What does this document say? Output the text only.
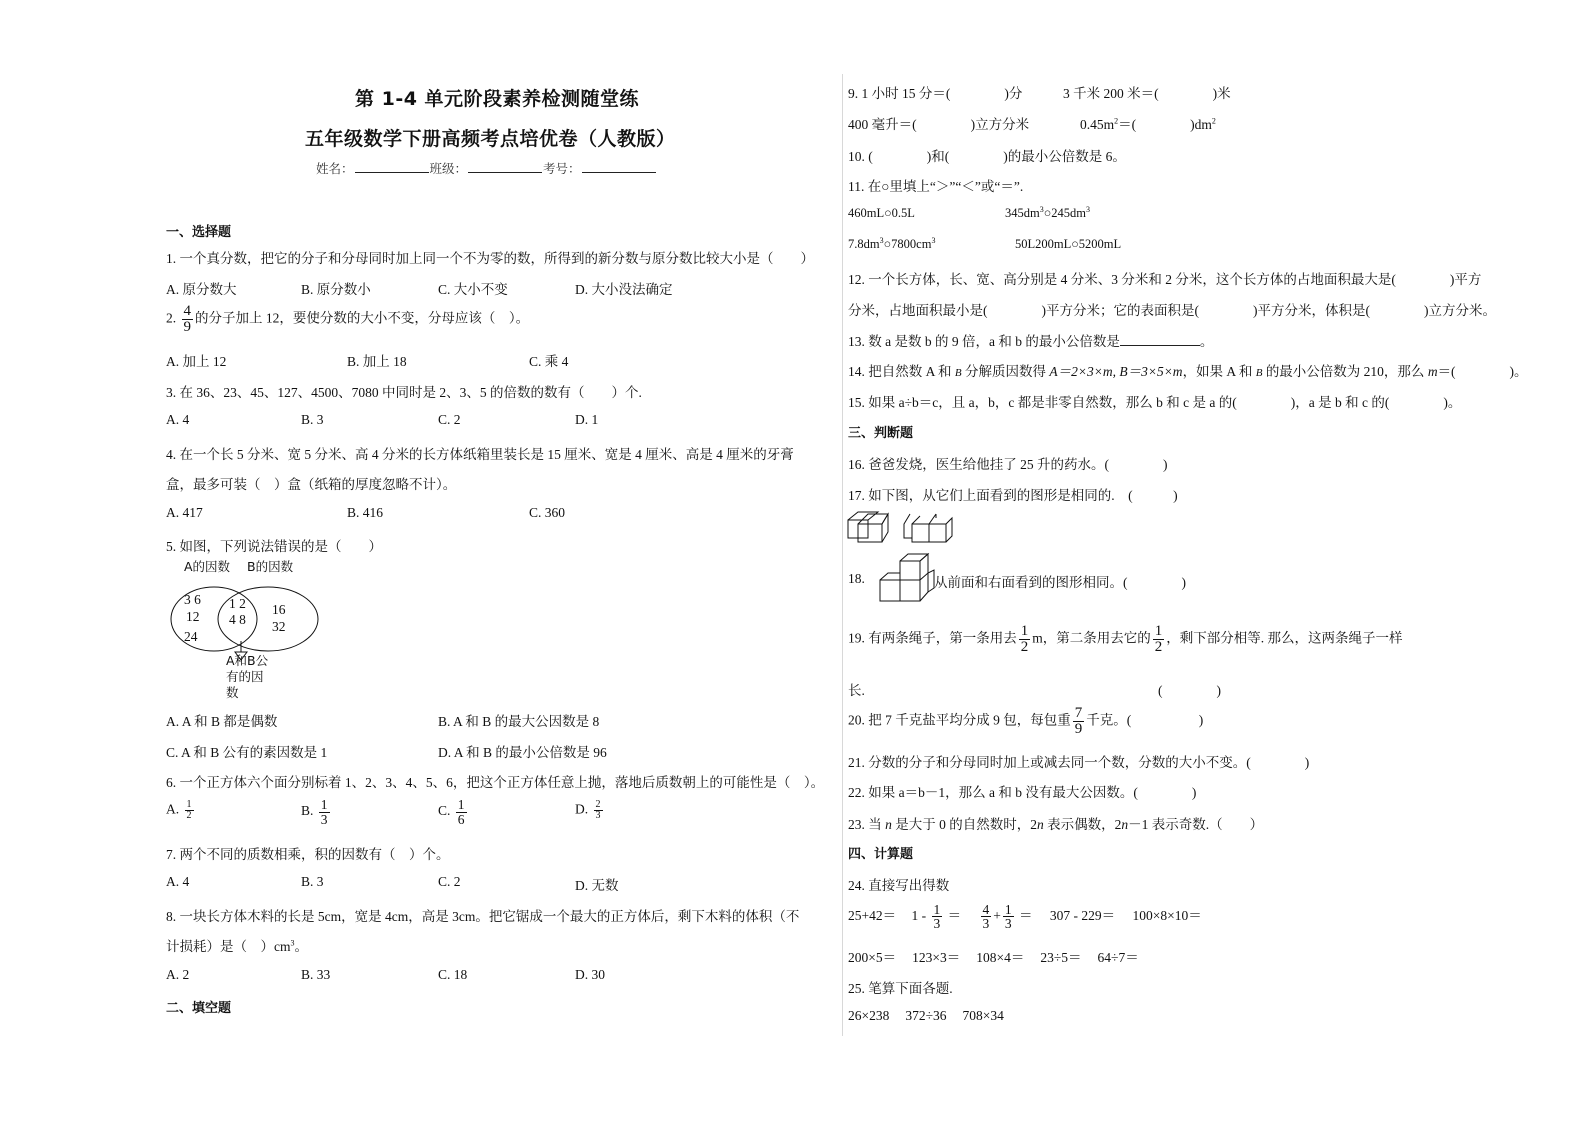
第 1-4 单元阶段素养检测随堂练
五年级数学下册高频考点培优卷（人教版）
姓名：	班级：	考号：
一、选择题
1. 一个真分数，把它的分子和分母同时加上同一个不为零的数，所得到的新分数与原分数比较大小是（　　）
A. 原分数大	B. 原分数小	C. 大小不变	D. 大小没法确定
2. $\frac{4}{9}$ 的分子加上 12，要使分数的大小不变，分母应该（　）。
A. 加上 12	B. 加上 18	C. 乘 4
3. 在 36、23、45、127、4500、7080 中同时是 2、3、5 的倍数的数有（　　）个.
A. 4	B. 3	C. 2	D. 1
4. 在一个长 5 分米、宽 5 分米、高 4 分米的长方体纸箱里装长是 15 厘米、宽是 4 厘米、高是 4 厘米的牙膏
盒，最多可装（　）盒（纸箱的厚度忽略不计）。
A. 417	B. 416	C. 360
5. 如图，下列说法错误的是（　　）
A的因数 B的因数
3 6
12
24
1 2
4 8
16
32
A和B公
有的因
数
A. A 和 B 都是偶数	B. A 和 B 的最大公因数是 8
C. A 和 B 公有的素因数是 1	D. A 和 B 的最小公倍数是 96
6. 一个正方体六个面分别标着 1、2、3、4、5、6，把这个正方体任意上抛，落地后质数朝上的可能性是（　）。
A. $\frac{1}{2}$	B. $\frac{1}{3}$	C. $\frac{1}{6}$	D. $\frac{2}{3}$
7. 两个不同的质数相乘，积的因数有（　）个。
A. 4	B. 3	C. 2	D. 无数
8. 一块长方体木料的长是 5cm，宽是 4cm，高是 3cm。把它锯成一个最大的正方体后，剩下木料的体积（不
计损耗）是（　）$cm^3$。
A. 2	B. 33	C. 18	D. 30
二、填空题
9. 1 小时 15 分＝(　　　　)分	3 千米 200 米＝(　　　　)米
400 毫升＝(　　　　)立方分米	$0.45m^2=$(　　　　)$dm^2$
10. (　　　　)和(　　　　)的最小公倍数是 6。
11. 在○里填上“＞”“＜”或“＝”.
460mL○0.5L	$345dm^3○245dm^3$
$7.8dm^3○7800cm^3$	50L200mL○5200mL
12. 一个长方体，长、宽、高分别是 4 分米、3 分米和 2 分米，这个长方体的占地面积最大是(　　　　)平方
分米，占地面积最小是(　　　　)平方分米；它的表面积是(　　　　)平方分米，体积是(　　　　)立方分米。
13. 数 a 是数 b 的 9 倍，a 和 b 的最小公倍数是	。
14. 把自然数 A 和 B 分解质因数得 A＝2×3×m, B＝3×5×m，如果 A 和 B 的最小公倍数为 210，那么 m＝(　　　　)。
15. 如果 a÷b＝c，且 a，b，c 都是非零自然数，那么 b 和 c 是 a 的(　　　　)，a 是 b 和 c 的(　　　　)。
三、判断题
16. 爸爸发烧，医生给他挂了 25 升的药水。(　　　　)
17. 如下图，从它们上面看到的图形是相同的.　(　　　)
18.	从前面和右面看到的图形相同。(　　　　)
19. 有两条绳子，第一条用去 $\frac{1}{2}$ m，第二条用去它的 $\frac{1}{2}$ ，剩下部分相等. 那么，这两条绳子一样
长.	(　　　　)
20. 把 7 千克盐平均分成 9 包，每包重 $\frac{7}{9}$ 千克。(　　　　　)
21. 分数的分子和分母同时加上或减去同一个数，分数的大小不变。(　　　　)
22. 如果 a＝b－1，那么 a 和 b 没有最大公因数。(　　　　)
23. 当 n 是大于 0 的自然数时，2n 表示偶数，2n－1 表示奇数.（　　）
四、计算题
24. 直接写出得数
$25+42= 1 - \frac{1}{3} = \frac{4}{3} + \frac{1}{3} = 307 - 229= 100\times 8\times 10=$
200×5＝ 123×3＝ 108×4＝ 23÷5＝ 64÷7＝
25. 笔算下面各题.
26×238 372÷36 708×34
